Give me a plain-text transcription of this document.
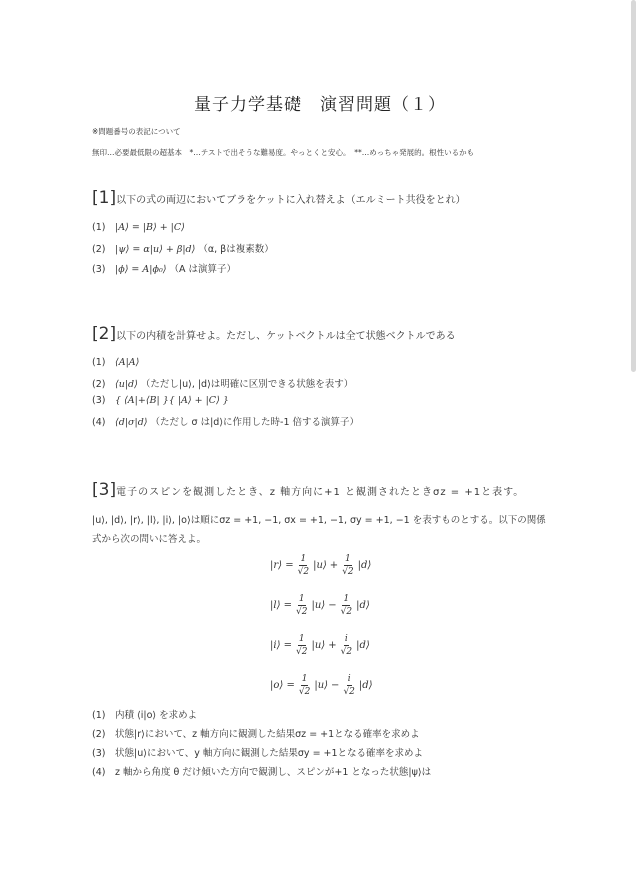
量子力学基礎　演習問題（１）
※問題番号の表記について
無印…必要最低限の超基本　*…テストで出そうな難易度。やっとくと安心。　**…めっちゃ発展的。根性いるかも
[1]以下の式の両辺においてブラをケットに入れ替えよ（エルミート共役をとれ）
(1) |A⟩ = |B⟩ + |C⟩
(2) |ψ⟩ = α|u⟩ + β|d⟩ （α, βは複素数）
(3) |ϕ⟩ = A|ϕ₀⟩ （A は演算子）
[2]以下の内積を計算せよ。ただし、ケットベクトルは全て状態ベクトルである
(1) ⟨A|A⟩
(2) ⟨u|d⟩ （ただし|u⟩, |d⟩は明確に区別できる状態を表す）
(3) { ⟨A|+⟨B| }{ |A⟩ + |C⟩ }
(4) ⟨d|σ|d⟩ （ただし σ は|d⟩に作用した時-1 倍する演算子）
[3]電子のスピンを観測したとき、z 軸方向に+1 と観測されたときσz = +1と表す。
|u⟩, |d⟩, |r⟩, |l⟩, |i⟩, |o⟩は順にσz = +1, −1, σx = +1, −1, σy = +1, −1 を表すものとする。以下の関係
式から次の問いに答えよ。
|r⟩ = $\frac{1}{√2}$ |u⟩ + $\frac{1}{√2}$ |d⟩
|l⟩ = $\frac{1}{√2}$ |u⟩ − $\frac{1}{√2}$ |d⟩
|i⟩ = $\frac{1}{√2}$ |u⟩ + $\frac{i}{√2}$ |d⟩
|o⟩ = $\frac{1}{√2}$ |u⟩ − $\frac{i}{√2}$ |d⟩
(1) 内積 ⟨i|o⟩ を求めよ
(2) 状態|r⟩において、z 軸方向に観測した結果σz = +1となる確率を求めよ
(3) 状態|u⟩において、y 軸方向に観測した結果σy = +1となる確率を求めよ
(4) z 軸から角度 θ だけ傾いた方向で観測し、スピンが+1 となった状態|ψ⟩は
